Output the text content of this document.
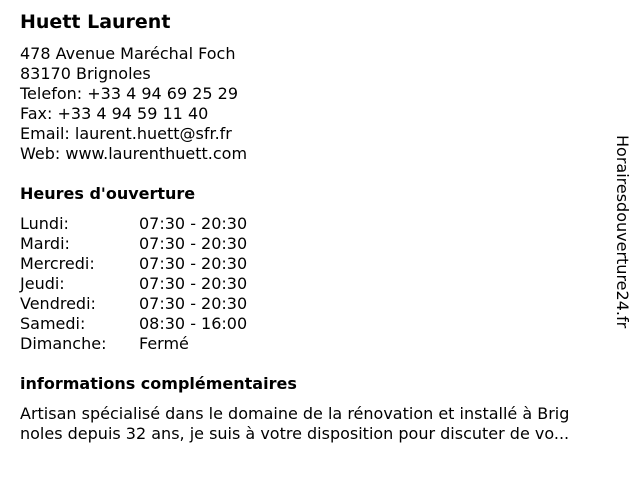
Huett Laurent
478 Avenue Maréchal Foch
83170 Brignoles
Telefon: +33 4 94 69 25 29
Fax: +33 4 94 59 11 40
Email: laurent.huett@sfr.fr
Web: www.laurenthuett.com
Heures d'ouverture
Lundi:	07:30 - 20:30
Mardi:	07:30 - 20:30
Mercredi:	07:30 - 20:30
Jeudi:	07:30 - 20:30
Vendredi:	07:30 - 20:30
Samedi:	08:30 - 16:00
Dimanche: Fermé
informations complémentaires
Artisan spécialisé dans le domaine de la rénovation et installé à Brig
noles depuis 32 ans, je suis à votre disposition pour discuter de vo...
Horairesdouverture24.fr
